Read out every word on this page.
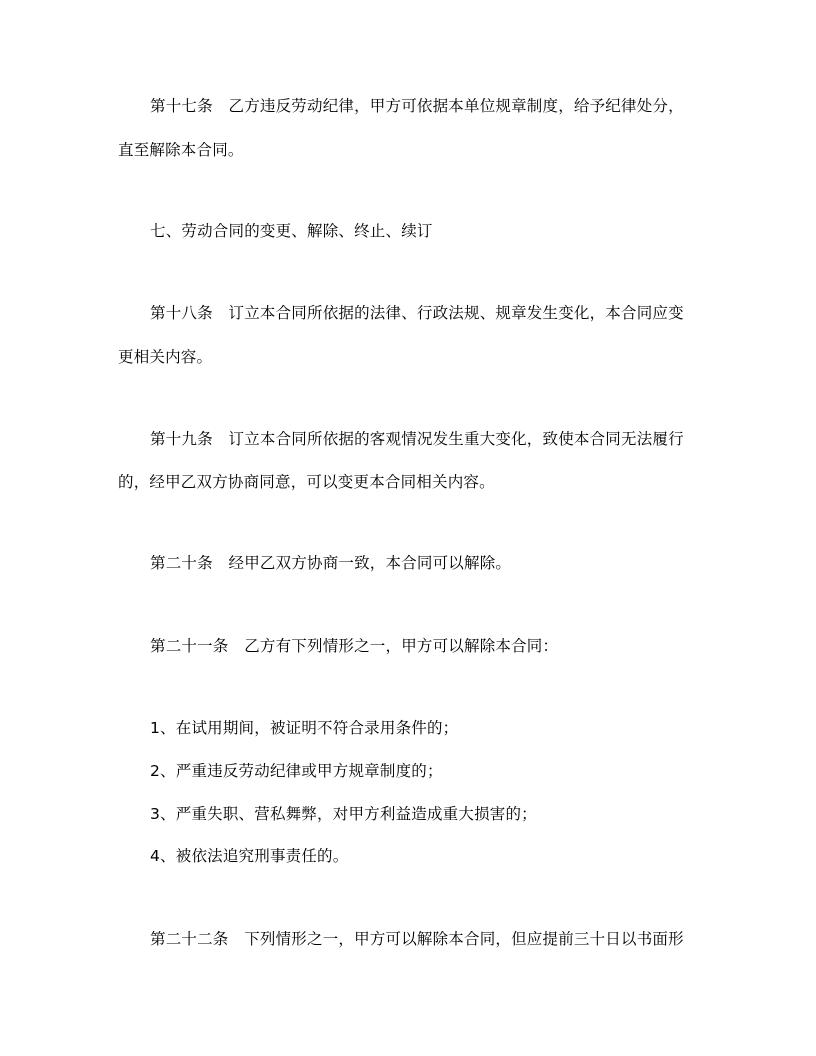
第十七条　乙方违反劳动纪律，甲方可依据本单位规章制度，给予纪律处分，
直至解除本合同。
七、劳动合同的变更、解除、终止、续订
第十八条　订立本合同所依据的法律、行政法规、规章发生变化，本合同应变
更相关内容。
第十九条　订立本合同所依据的客观情况发生重大变化，致使本合同无法履行
的，经甲乙双方协商同意，可以变更本合同相关内容。
第二十条　经甲乙双方协商一致，本合同可以解除。
第二十一条　乙方有下列情形之一，甲方可以解除本合同：
1、在试用期间，被证明不符合录用条件的；
2、严重违反劳动纪律或甲方规章制度的；
3、严重失职、营私舞弊，对甲方利益造成重大损害的；
4、被依法追究刑事责任的。
第二十二条　下列情形之一，甲方可以解除本合同，但应提前三十日以书面形
